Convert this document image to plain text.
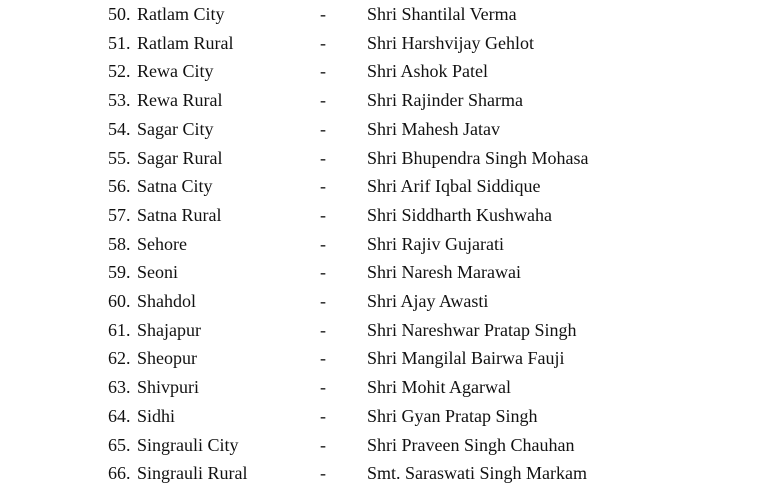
50. Ratlam City	- Shri Shantilal Verma
51. Ratlam Rural	- Shri Harshvijay Gehlot
52. Rewa City	- Shri Ashok Patel
53. Rewa Rural	- Shri Rajinder Sharma
54. Sagar City	- Shri Mahesh Jatav
55. Sagar Rural	- Shri Bhupendra Singh Mohasa
56. Satna City	- Shri Arif Iqbal Siddique
57. Satna Rural	- Shri Siddharth Kushwaha
58. Sehore	- Shri Rajiv Gujarati
59. Seoni	- Shri Naresh Marawai
60. Shahdol	- Shri Ajay Awasti
61. Shajapur	- Shri Nareshwar Pratap Singh
62. Sheopur	- Shri Mangilal Bairwa Fauji
63. Shivpuri	- Shri Mohit Agarwal
64. Sidhi	- Shri Gyan Pratap Singh
65. Singrauli City	- Shri Praveen Singh Chauhan
66. Singrauli Rural	- Smt. Saraswati Singh Markam
